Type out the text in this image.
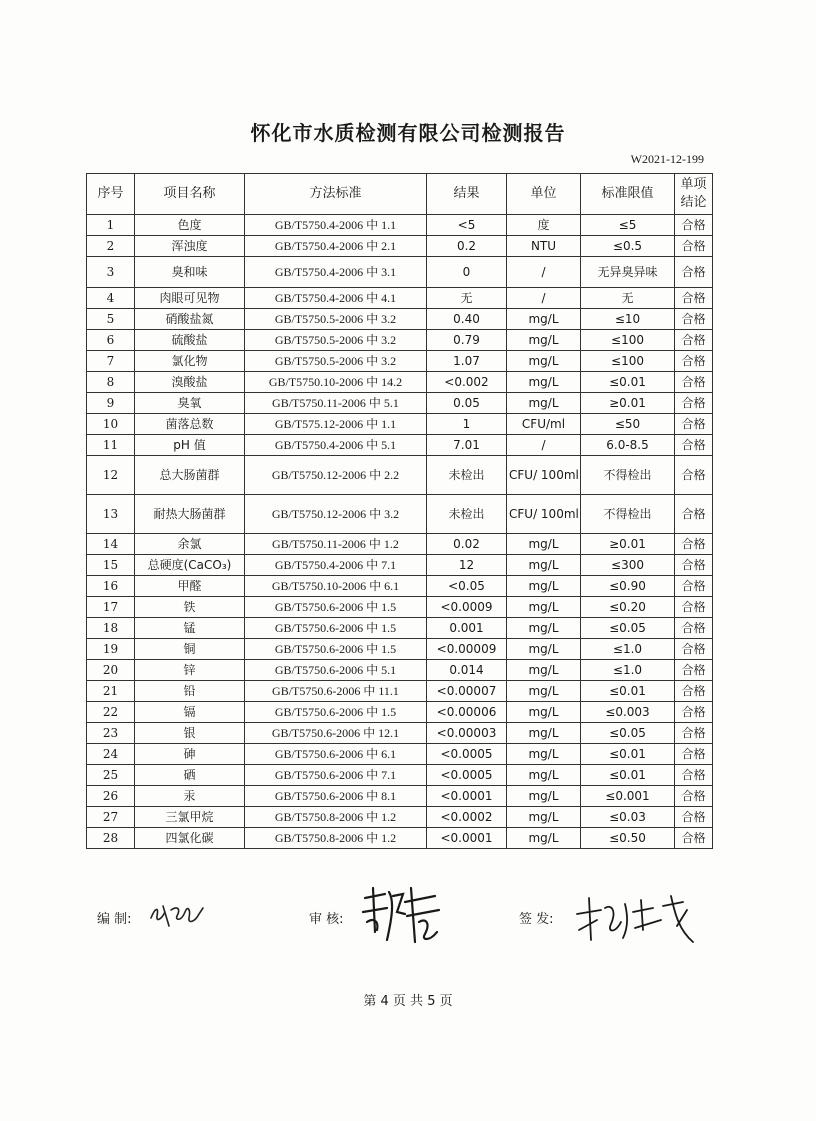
怀化市水质检测有限公司检测报告
W2021-12-199
序号	项目名称	方法标准	结果	单位	标准限值	单项结论
1	色度	GB/T5750.4-2006 中 1.1	<5	度	≤5	合格
2	浑浊度	GB/T5750.4-2006 中 2.1	0.2	NTU	≤0.5	合格
3	臭和味	GB/T5750.4-2006 中 3.1	0	/	无异臭异味	合格
4	肉眼可见物	GB/T5750.4-2006 中 4.1	无	/	无	合格
5	硝酸盐氮	GB/T5750.5-2006 中 3.2	0.40	mg/L	≤10	合格
6	硫酸盐	GB/T5750.5-2006 中 3.2	0.79	mg/L	≤100	合格
7	氯化物	GB/T5750.5-2006 中 3.2	1.07	mg/L	≤100	合格
8	溴酸盐	GB/T5750.10-2006 中 14.2	<0.002	mg/L	≤0.01	合格
9	臭氧	GB/T5750.11-2006 中 5.1	0.05	mg/L	≥0.01	合格
10	菌落总数	GB/T575.12-2006 中 1.1	1	CFU/ml	≤50	合格
11	pH 值	GB/T5750.4-2006 中 5.1	7.01	/	6.0-8.5	合格
12	总大肠菌群	GB/T5750.12-2006 中 2.2	未检出	CFU/ 100ml	不得检出	合格
13	耐热大肠菌群	GB/T5750.12-2006 中 3.2	未检出	CFU/ 100ml	不得检出	合格
14	余氯	GB/T5750.11-2006 中 1.2	0.02	mg/L	≥0.01	合格
15	总硬度(CaCO₃)	GB/T5750.4-2006 中 7.1	12	mg/L	≤300	合格
16	甲醛	GB/T5750.10-2006 中 6.1	<0.05	mg/L	≤0.90	合格
17	铁	GB/T5750.6-2006 中 1.5	<0.0009	mg/L	≤0.20	合格
18	锰	GB/T5750.6-2006 中 1.5	0.001	mg/L	≤0.05	合格
19	铜	GB/T5750.6-2006 中 1.5	<0.00009	mg/L	≤1.0	合格
20	锌	GB/T5750.6-2006 中 5.1	0.014	mg/L	≤1.0	合格
21	铅	GB/T5750.6-2006 中 11.1	<0.00007	mg/L	≤0.01	合格
22	镉	GB/T5750.6-2006 中 1.5	<0.00006	mg/L	≤0.003	合格
23	银	GB/T5750.6-2006 中 12.1	<0.00003	mg/L	≤0.05	合格
24	砷	GB/T5750.6-2006 中 6.1	<0.0005	mg/L	≤0.01	合格
25	硒	GB/T5750.6-2006 中 7.1	<0.0005	mg/L	≤0.01	合格
26	汞	GB/T5750.6-2006 中 8.1	<0.0001	mg/L	≤0.001	合格
27	三氯甲烷	GB/T5750.8-2006 中 1.2	<0.0002	mg/L	≤0.03	合格
28	四氯化碳	GB/T5750.8-2006 中 1.2	<0.0001	mg/L	≤0.50	合格
编 制:	审 核:	签 发:
第 4 页 共 5 页
